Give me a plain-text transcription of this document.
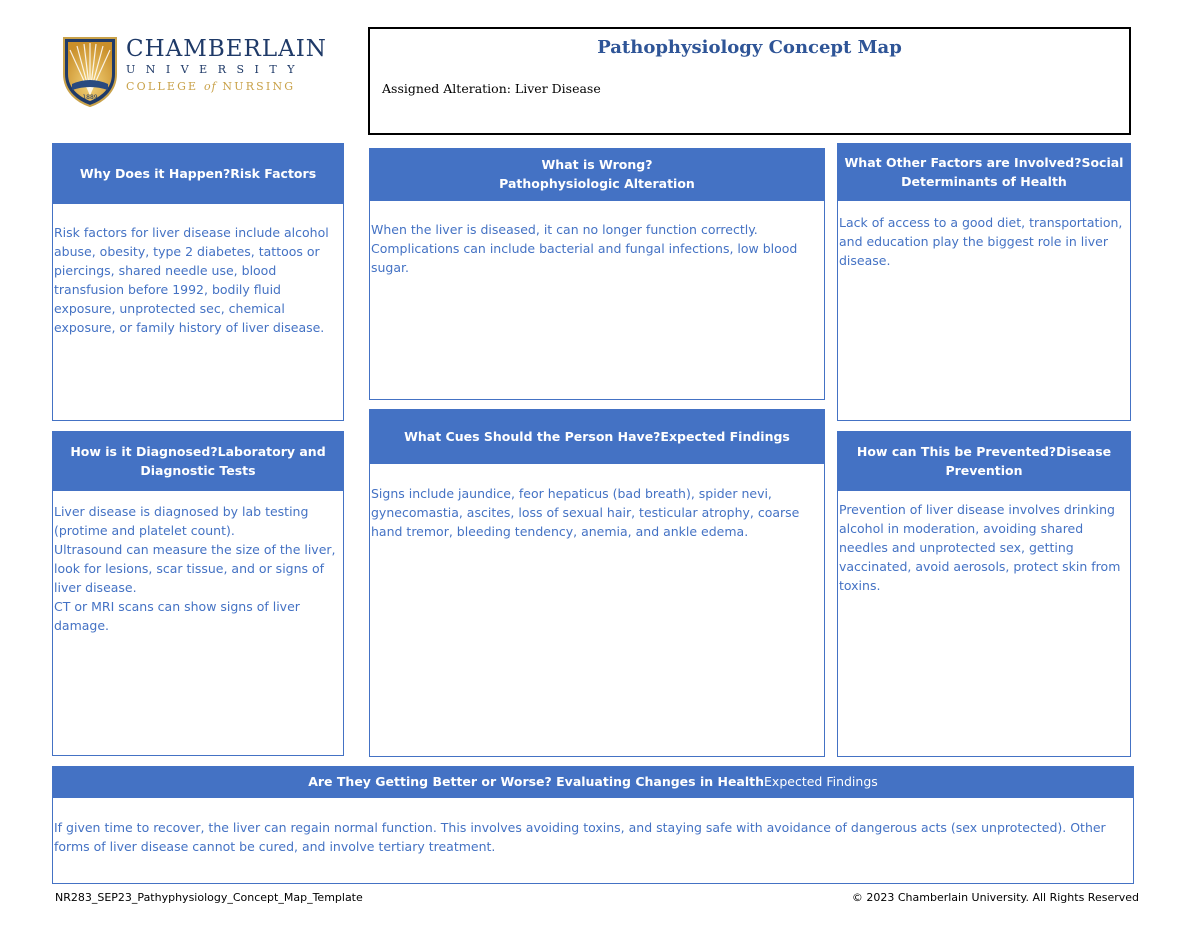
1889
CHAMBERLAIN
UNIVERSITY
COLLEGE of NURSING
Pathophysiology Concept Map
Assigned Alteration: Liver Disease
Why Does it Happen?Risk Factors

Risk factors for liver disease include alcohol abuse, obesity, type 2 diabetes, tattoos or piercings, shared needle use, blood transfusion before 1992, bodily fluid exposure, unprotected sec, chemical exposure, or family history of liver disease.

What is Wrong?
Pathophysiologic Alteration

When the liver is diseased, it can no longer function correctly. Complications can include bacterial and fungal infections, low blood sugar.

What Other Factors are Involved?Social
Determinants of Health

Lack of access to a good diet, transportation, and education play the biggest role in liver disease.

How is it Diagnosed?Laboratory and
Diagnostic Tests

Liver disease is diagnosed by lab testing (protime and platelet count).

Ultrasound can measure the size of the liver, look for lesions, scar tissue, and or signs of liver disease.

CT or MRI scans can show signs of liver damage.

What Cues Should the Person Have?Expected Findings

Signs include jaundice, feor hepaticus (bad breath), spider nevi, gynecomastia, ascites, loss of sexual hair, testicular atrophy, coarse hand tremor, bleeding tendency, anemia, and ankle edema.

How can This be Prevented?Disease
Prevention

Prevention of liver disease involves drinking alcohol in moderation, avoiding shared needles and unprotected sex, getting vaccinated, avoid aerosols, protect skin from toxins.

Are They Getting Better or Worse? Evaluating Changes in HealthExpected Findings

If given time to recover, the liver can regain normal function. This involves avoiding toxins, and staying safe with avoidance of dangerous acts (sex unprotected). Other forms of liver disease cannot be cured, and involve tertiary treatment.

NR283_SEP23_Pathyphysiology_Concept_Map_Template	© 2023 Chamberlain University. All Rights Reserved
